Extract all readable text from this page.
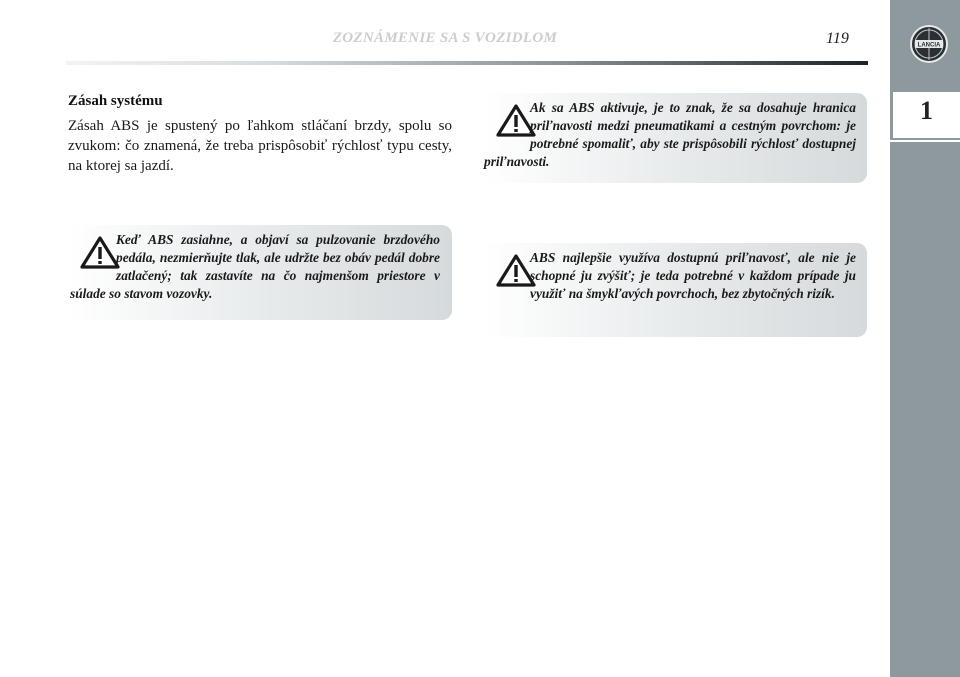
ZOZNÁMENIE SA S VOZIDLOM	119	LANCIA
1
Zásah systému
Zásah ABS je spustený po ľahkom stláčaní brzdy, spolu so zvukom: čo znamená, že treba prispôsobiť rýchlosť typu cesty, na ktorej sa jazdí.
Keď ABS zasiahne, a objaví sa pulzovanie brzdového pedála, nezmierňujte tlak, ale udržte bez obáv pedál dobre zatlačený; tak zastavíte na čo najmenšom priestore v súlade so stavom vozovky.
Ak sa ABS aktivuje, je to znak, že sa dosahuje hranica priľnavosti medzi pneumatikami a cestným povrchom: je potrebné spomaliť, aby ste prispôsobili rýchlosť dostupnej priľnavosti.
ABS najlepšie využíva dostupnú priľnavosť, ale nie je schopné ju zvýšiť; je teda potrebné v každom prípade ju využiť na šmykľavých povrchoch, bez zbytočných rizík.
